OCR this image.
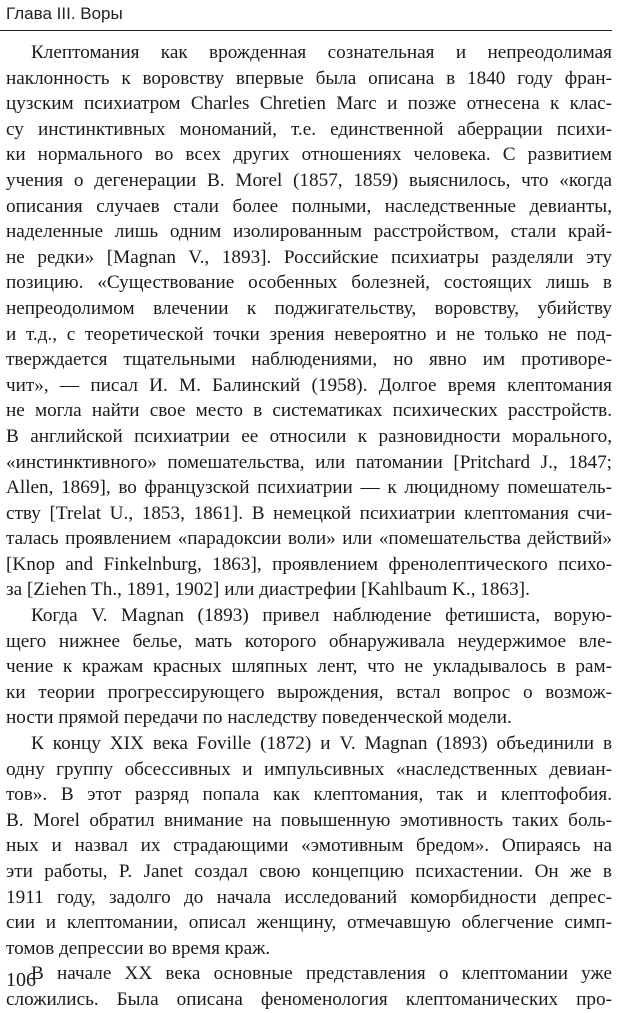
Глава III. Воры
Клептомания как врожденная сознательная и непреодолимая
наклонность к воровству впервые была описана в 1840 году фран-
цузским психиатром Charles Chretien Marc и позже отнесена к клас-
су инстинктивных мономаний, т.е. единственной аберрации психи-
ки нормального во всех других отношениях человека. С развитием
учения о дегенерации B. Morel (1857, 1859) выяснилось, что «когда
описания случаев стали более полными, наследственные девианты,
наделенные лишь одним изолированным расстройством, стали край-
не редки» [Magnan V., 1893]. Российские психиатры разделяли эту
позицию. «Существование особенных болезней, состоящих лишь в
непреодолимом влечении к поджигательству, воровству, убийству
и т.д., с теоретической точки зрения невероятно и не только не под-
тверждается тщательными наблюдениями, но явно им противоре-
чит», — писал И. М. Балинский (1958). Долгое время клептомания
не могла найти свое место в систематиках психических расстройств.
В английской психиатрии ее относили к разновидности морального,
«инстинктивного» помешательства, или патомании [Pritchard J., 1847;
Allen, 1869], во французской психиатрии — к люцидному помешатель-
ству [Trelat U., 1853, 1861]. В немецкой психиатрии клептомания счи-
талась проявлением «парадоксии воли» или «помешательства действий»
[Knop and Finkelnburg, 1863], проявлением френолептического психо-
за [Ziehen Th., 1891, 1902] или диастрефии [Kahlbaum K., 1863].
Когда V. Magnan (1893) привел наблюдение фетишиста, ворую-
щего нижнее белье, мать которого обнаруживала неудержимое вле-
чение к кражам красных шляпных лент, что не укладывалось в рам-
ки теории прогрессирующего вырождения, встал вопрос о возмож-
ности прямой передачи по наследству поведенческой модели.
К концу XIX века Foville (1872) и V. Magnan (1893) объединили в
одну группу обсессивных и импульсивных «наследственных девиан-
тов». В этот разряд попала как клептомания, так и клептофобия.
B. Morel обратил внимание на повышенную эмотивность таких боль-
ных и назвал их страдающими «эмотивным бредом». Опираясь на
эти работы, P. Janet создал свою концепцию психастении. Он же в
1911 году, задолго до начала исследований коморбидности депрес-
сии и клептомании, описал женщину, отмечавшую облегчение симп-
томов депрессии во время краж.
В начале XX века основные представления о клептомании уже
сложились. Была описана феноменология клептоманических про-
106
